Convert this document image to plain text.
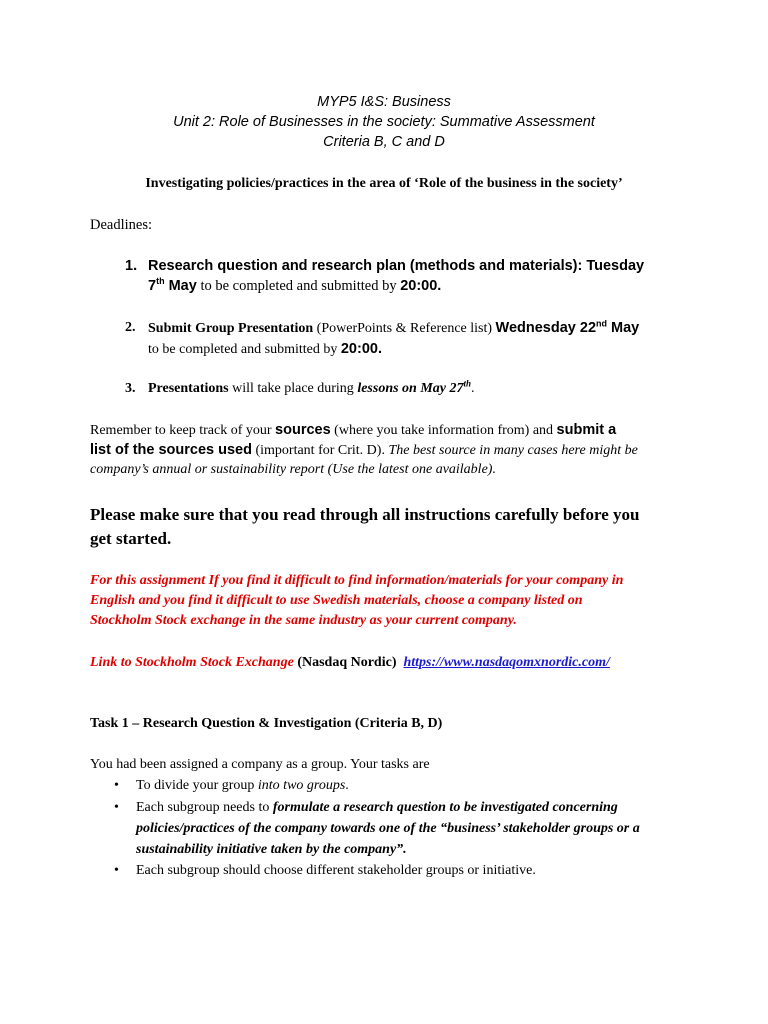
MYP5 I&S: Business
Unit 2: Role of Businesses in the society: Summative Assessment
Criteria B, C and D
Investigating policies/practices in the area of ‘Role of the business in the society’
Deadlines:
1. Research question and research plan (methods and materials): Tuesday
7th May to be completed and submitted by 20:00.
2. Submit Group Presentation (PowerPoints & Reference list) Wednesday 22nd May
to be completed and submitted by 20:00.
3. Presentations will take place during lessons on May 27th.
Remember to keep track of your sources (where you take information from) and submit a
list of the sources used (important for Crit. D). The best source in many cases here might be
company’s annual or sustainability report (Use the latest one available).
Please make sure that you read through all instructions carefully before you
get started.
For this assignment If you find it difficult to find information/materials for your company in
English and you find it difficult to use Swedish materials, choose a company listed on
Stockholm Stock exchange in the same industry as your current company.
Link to Stockholm Stock Exchange (Nasdaq Nordic)  https://www.nasdaqomxnordic.com/
Task 1 – Research Question & Investigation (Criteria B, D)
You had been assigned a company as a group. Your tasks are
• To divide your group into two groups.
• Each subgroup needs to formulate a research question to be investigated concerning
policies/practices of the company towards one of the “business’ stakeholder groups or a
sustainability initiative taken by the company”.
• Each subgroup should choose different stakeholder groups or initiative.
